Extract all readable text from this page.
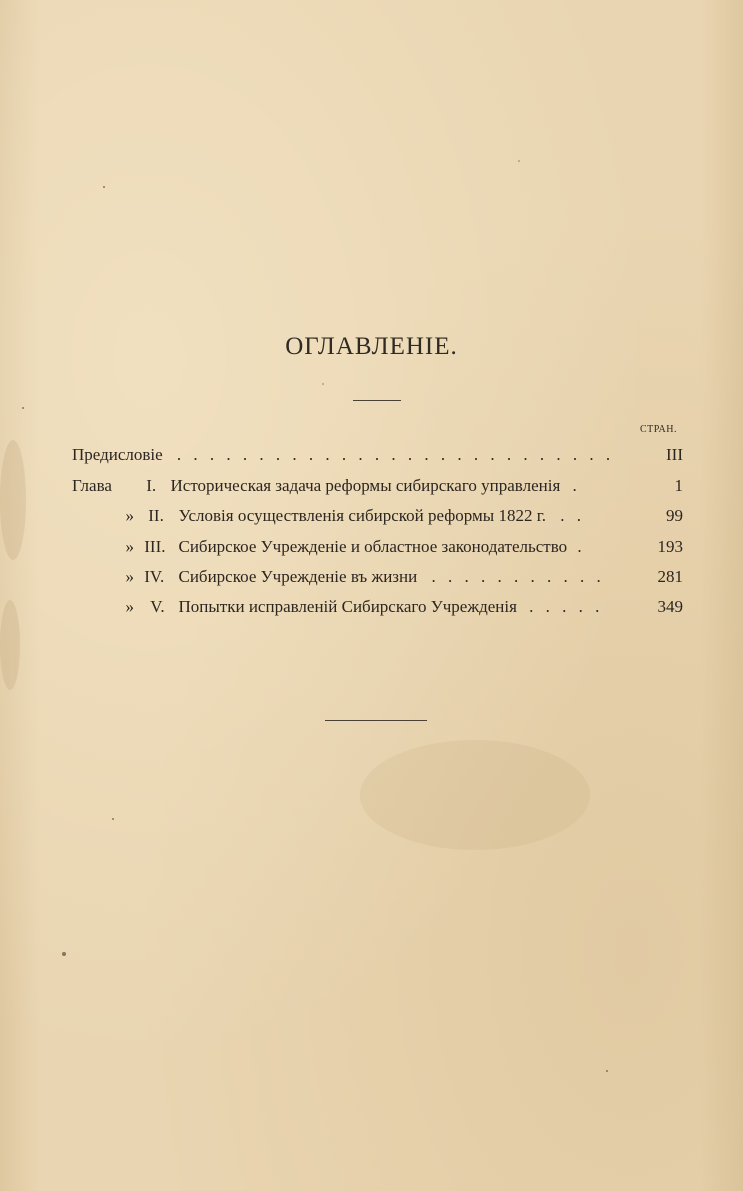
ОГЛАВЛЕНІЕ.
СТРАН.
Предисловіе . . . . . . . . . . . . . . . . . . . . . . . . . . .	III
Глава I. Историческая задача реформы сибирскаго управленія .	1
» II. Условія осуществленія сибирской реформы 1822 г. . .	99
» III. Сибирское Учрежденіе и областное законодательство .	193
» IV. Сибирское Учрежденіе въ жизни . . . . . . . . . . .	281
» V. Попытки исправленій Сибирскаго Учрежденія . . . . .	349
